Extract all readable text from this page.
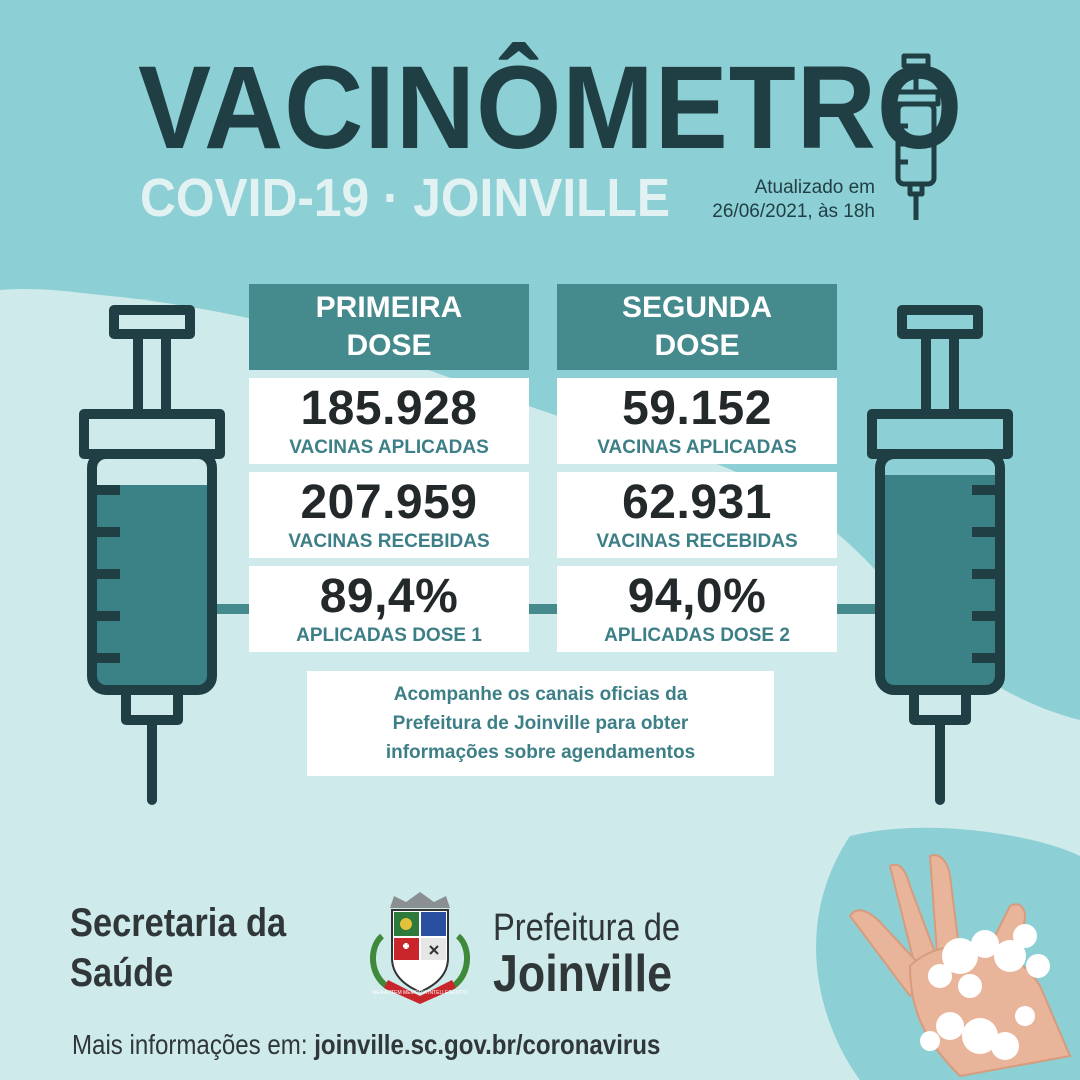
VACINÔMETRO
COVID-19 · JOINVILLE	Atualizado em
26/06/2021, às 18h
PRIMEIRA
DOSE
185.928
VACINAS APLICADAS
207.959
VACINAS RECEBIDAS
89,4%
APLICADAS DOSE 1
SEGUNDA
DOSE
59.152
VACINAS APLICADAS
62.931
VACINAS RECEBIDAS
94,0%
APLICADAS DOSE 2
Acompanhe os canais oficias da
Prefeitura de Joinville para obter
informações sobre agendamentos
Secretaria da
Saúde	MEA AUTEM MEMORIA INTELLEGENTIO
Prefeitura de
Joinville
Mais informações em: joinville.sc.gov.br/coronavirus
